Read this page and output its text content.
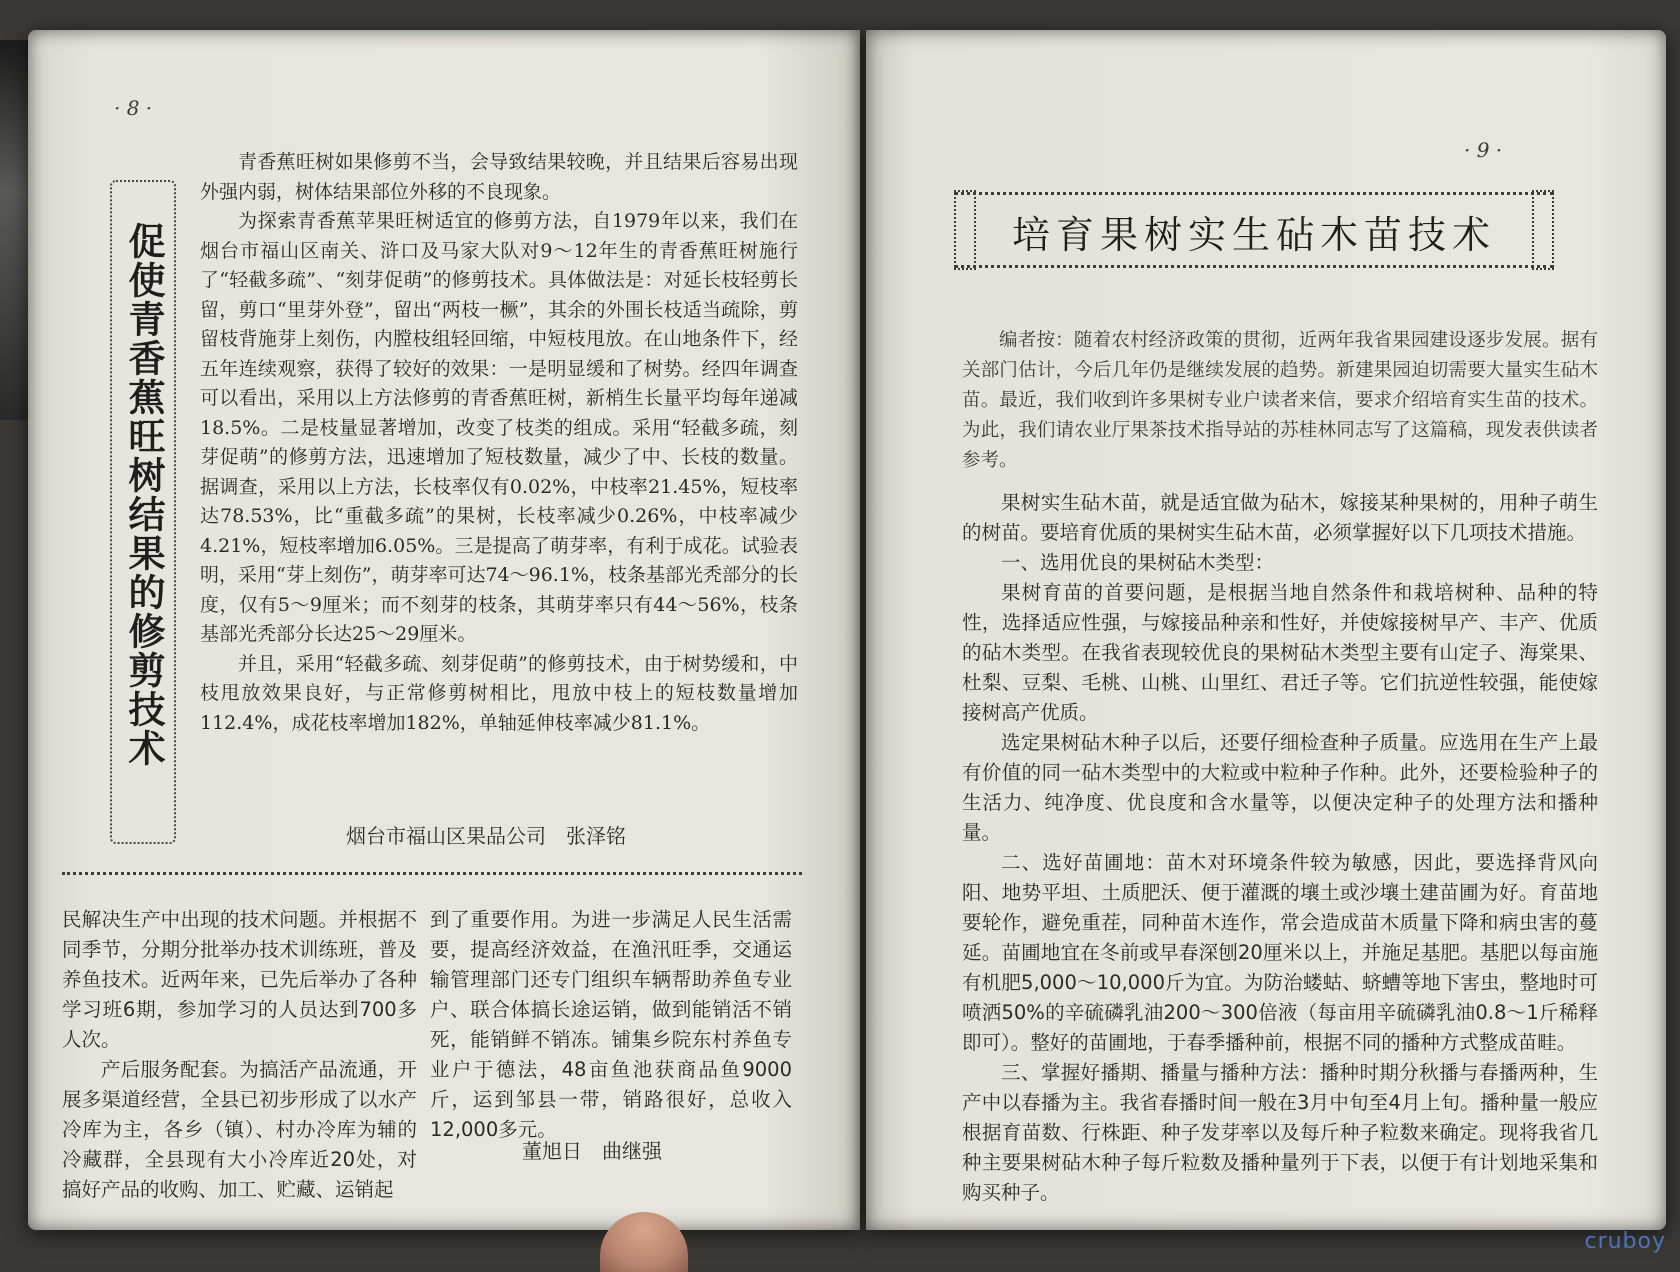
· 8 ·
促使青香蕉旺树结果的修剪技术

青香蕉旺树如果修剪不当，会导致结果较晚，并且结果后容易出现外强内弱，树体结果部位外移的不良现象。

为探索青香蕉苹果旺树适宜的修剪方法，自1979年以来，我们在烟台市福山区南关、浒口及马家大队对9～12年生的青香蕉旺树施行了“轻截多疏”、“刻芽促萌”的修剪技术。具体做法是：对延长枝轻剪长留，剪口“里芽外登”，留出“两枝一橛”，其余的外围长枝适当疏除，剪留枝背施芽上刻伤，内膛枝组轻回缩，中短枝甩放。在山地条件下，经五年连续观察，获得了较好的效果：一是明显缓和了树势。经四年调查可以看出，采用以上方法修剪的青香蕉旺树，新梢生长量平均每年递减18.5%。二是枝量显著增加，改变了枝类的组成。采用“轻截多疏，刻芽促萌”的修剪方法，迅速增加了短枝数量，减少了中、长枝的数量。据调查，采用以上方法，长枝率仅有0.02%，中枝率21.45%，短枝率达78.53%，比“重截多疏”的果树，长枝率减少0.26%，中枝率减少4.21%，短枝率增加6.05%。三是提高了萌芽率，有利于成花。试验表明，采用“芽上刻伤”，萌芽率可达74～96.1%，枝条基部光秃部分的长度，仅有5～9厘米；而不刻芽的枝条，其萌芽率只有44～56%，枝条基部光秃部分长达25～29厘米。

并且，采用“轻截多疏、刻芽促萌”的修剪技术，由于树势缓和，中枝甩放效果良好，与正常修剪树相比，甩放中枝上的短枝数量增加112.4%，成花枝率增加182%，单轴延伸枝率减少81.1%。

烟台市福山区果品公司　张泽铭

民解决生产中出现的技术问题。并根据不同季节，分期分批举办技术训练班，普及养鱼技术。近两年来，已先后举办了各种学习班6期，参加学习的人员达到700多人次。

产后服务配套。为搞活产品流通，开展多渠道经营，全县已初步形成了以水产冷库为主，各乡（镇）、村办冷库为辅的冷藏群，全县现有大小冷库近20处，对搞好产品的收购、加工、贮藏、运销起

到了重要作用。为进一步满足人民生活需要，提高经济效益，在渔汛旺季，交通运输管理部门还专门组织车辆帮助养鱼专业户、联合体搞长途运销，做到能销活不销死，能销鲜不销冻。铺集乡院东村养鱼专业户于德法，48亩鱼池获商品鱼9000斤，运到邹县一带，销路很好，总收入12,000多元。

董旭日　曲继强
· 9 ·
培育果树实生砧木苗技术

编者按：随着农村经济政策的贯彻，近两年我省果园建设逐步发展。据有关部门估计，今后几年仍是继续发展的趋势。新建果园迫切需要大量实生砧木苗。最近，我们收到许多果树专业户读者来信，要求介绍培育实生苗的技术。为此，我们请农业厅果茶技术指导站的苏桂林同志写了这篇稿，现发表供读者参考。

果树实生砧木苗，就是适宜做为砧木，嫁接某种果树的，用种子萌生的树苗。要培育优质的果树实生砧木苗，必须掌握好以下几项技术措施。

一、选用优良的果树砧木类型：

果树育苗的首要问题，是根据当地自然条件和栽培树种、品种的特性，选择适应性强，与嫁接品种亲和性好，并使嫁接树早产、丰产、优质的砧木类型。在我省表现较优良的果树砧木类型主要有山定子、海棠果、杜梨、豆梨、毛桃、山桃、山里红、君迁子等。它们抗逆性较强，能使嫁接树高产优质。

选定果树砧木种子以后，还要仔细检查种子质量。应选用在生产上最有价值的同一砧木类型中的大粒或中粒种子作种。此外，还要检验种子的生活力、纯净度、优良度和含水量等，以便决定种子的处理方法和播种量。

二、选好苗圃地：苗木对环境条件较为敏感，因此，要选择背风向阳、地势平坦、土质肥沃、便于灌溉的壤土或沙壤土建苗圃为好。育苗地要轮作，避免重茬，同种苗木连作，常会造成苗木质量下降和病虫害的蔓延。苗圃地宜在冬前或早春深刨20厘米以上，并施足基肥。基肥以每亩施有机肥5,000～10,000斤为宜。为防治蝼蛄、蛴螬等地下害虫，整地时可喷洒50%的辛硫磷乳油200～300倍液（每亩用辛硫磷乳油0.8～1斤稀释即可）。整好的苗圃地，于春季播种前，根据不同的播种方式整成苗畦。

三、掌握好播期、播量与播种方法：播种时期分秋播与春播两种，生产中以春播为主。我省春播时间一般在3月中旬至4月上旬。播种量一般应根据育苗数、行株距、种子发芽率以及每斤种子粒数来确定。现将我省几种主要果树砧木种子每斤粒数及播种量列于下表，以便于有计划地采集和购买种子。

cruboy
